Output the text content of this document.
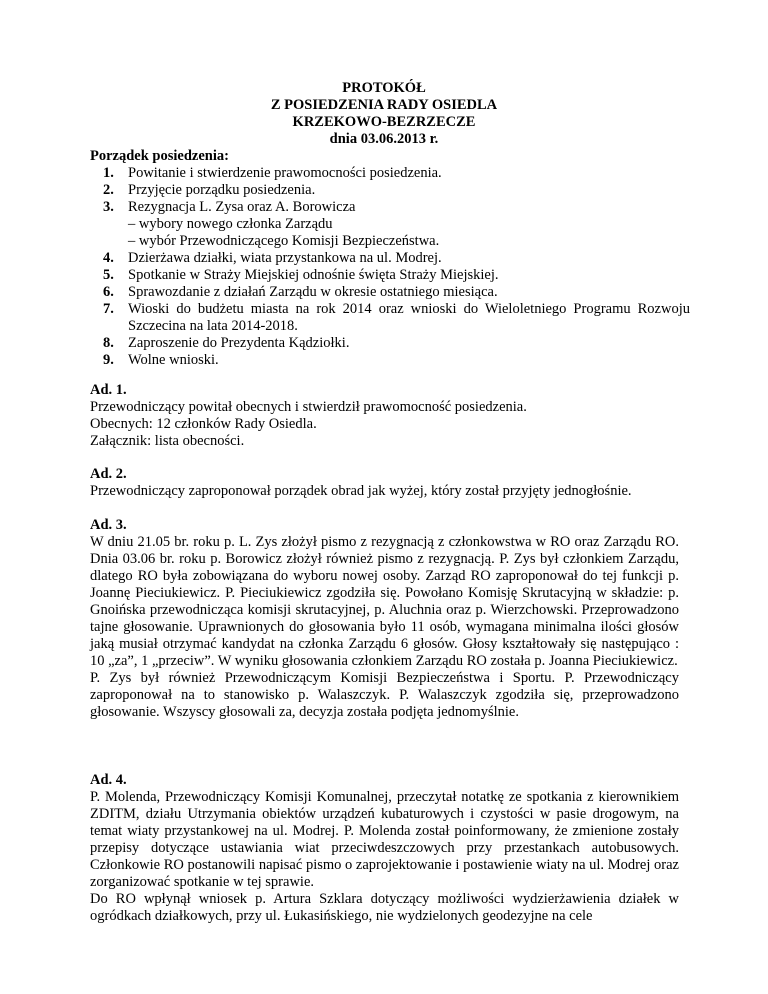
PROTOKÓŁ
Z POSIEDZENIA RADY OSIEDLA
KRZEKOWO-BEZRZECZE
dnia 03.06.2013 r.
Porządek posiedzenia:
1. Powitanie i stwierdzenie prawomocności posiedzenia.
2. Przyjęcie porządku posiedzenia.
3. Rezygnacja L. Zysa oraz A. Borowicza
– wybory nowego członka Zarządu
– wybór Przewodniczącego Komisji Bezpieczeństwa.
4. Dzierżawa działki, wiata przystankowa na ul. Modrej.
5. Spotkanie w Straży Miejskiej odnośnie święta Straży Miejskiej.
6. Sprawozdanie z działań Zarządu w okresie ostatniego miesiąca.
7. Wioski do budżetu miasta na rok 2014 oraz wnioski do Wieloletniego Programu Rozwoju Szczecina na lata 2014-2018.
8. Zaproszenie do Prezydenta Kądziołki.
9. Wolne wnioski.
Ad. 1.

Przewodniczący powitał obecnych i stwierdził prawomocność posiedzenia.

Obecnych: 12 członków Rady Osiedla.

Załącznik: lista obecności.

Ad. 2.

Przewodniczący zaproponował porządek obrad jak wyżej, który został przyjęty jednogłośnie.

Ad. 3.

W dniu 21.05 br. roku p. L. Zys złożył pismo z rezygnacją z członkowstwa w RO oraz Zarządu RO. Dnia 03.06 br. roku p. Borowicz złożył również pismo z rezygnacją. P. Zys był członkiem Zarządu, dlatego RO była zobowiązana do wyboru nowej osoby. Zarząd RO zaproponował do tej funkcji p. Joannę Pieciukiewicz. P. Pieciukiewicz zgodziła się. Powołano Komisję Skrutacyjną w składzie: p. Gnoińska przewodnicząca komisji skrutacyjnej, p. Aluchnia oraz p. Wierzchowski. Przeprowadzono tajne głosowanie. Uprawnionych do głosowania było 11 osób, wymagana minimalna ilości głosów jaką musiał otrzymać kandydat na członka Zarządu 6 głosów. Głosy kształtowały się następująco : 10 „za”, 1 „przeciw”. W wyniku głosowania członkiem Zarządu RO została p. Joanna Pieciukiewicz.

P. Zys był również Przewodniczącym Komisji Bezpieczeństwa i Sportu. P. Przewodniczący zaproponował na to stanowisko p. Walaszczyk. P. Walaszczyk zgodziła się, przeprowadzono głosowanie. Wszyscy głosowali za, decyzja została podjęta jednomyślnie.

Ad. 4.

P. Molenda, Przewodniczący Komisji Komunalnej, przeczytał notatkę ze spotkania z kierownikiem ZDITM, działu Utrzymania obiektów urządzeń kubaturowych i czystości w pasie drogowym, na temat wiaty przystankowej na ul. Modrej. P. Molenda został poinformowany, że zmienione zostały przepisy dotyczące ustawiania wiat przeciwdeszczowych przy przestankach autobusowych. Członkowie RO postanowili napisać pismo o zaprojektowanie i postawienie wiaty na ul. Modrej oraz zorganizować spotkanie w tej sprawie.

Do RO wpłynął wniosek p. Artura Szklara dotyczący możliwości wydzierżawienia działek w ogródkach działkowych, przy ul. Łukasińskiego, nie wydzielonych geodezyjne na cele
